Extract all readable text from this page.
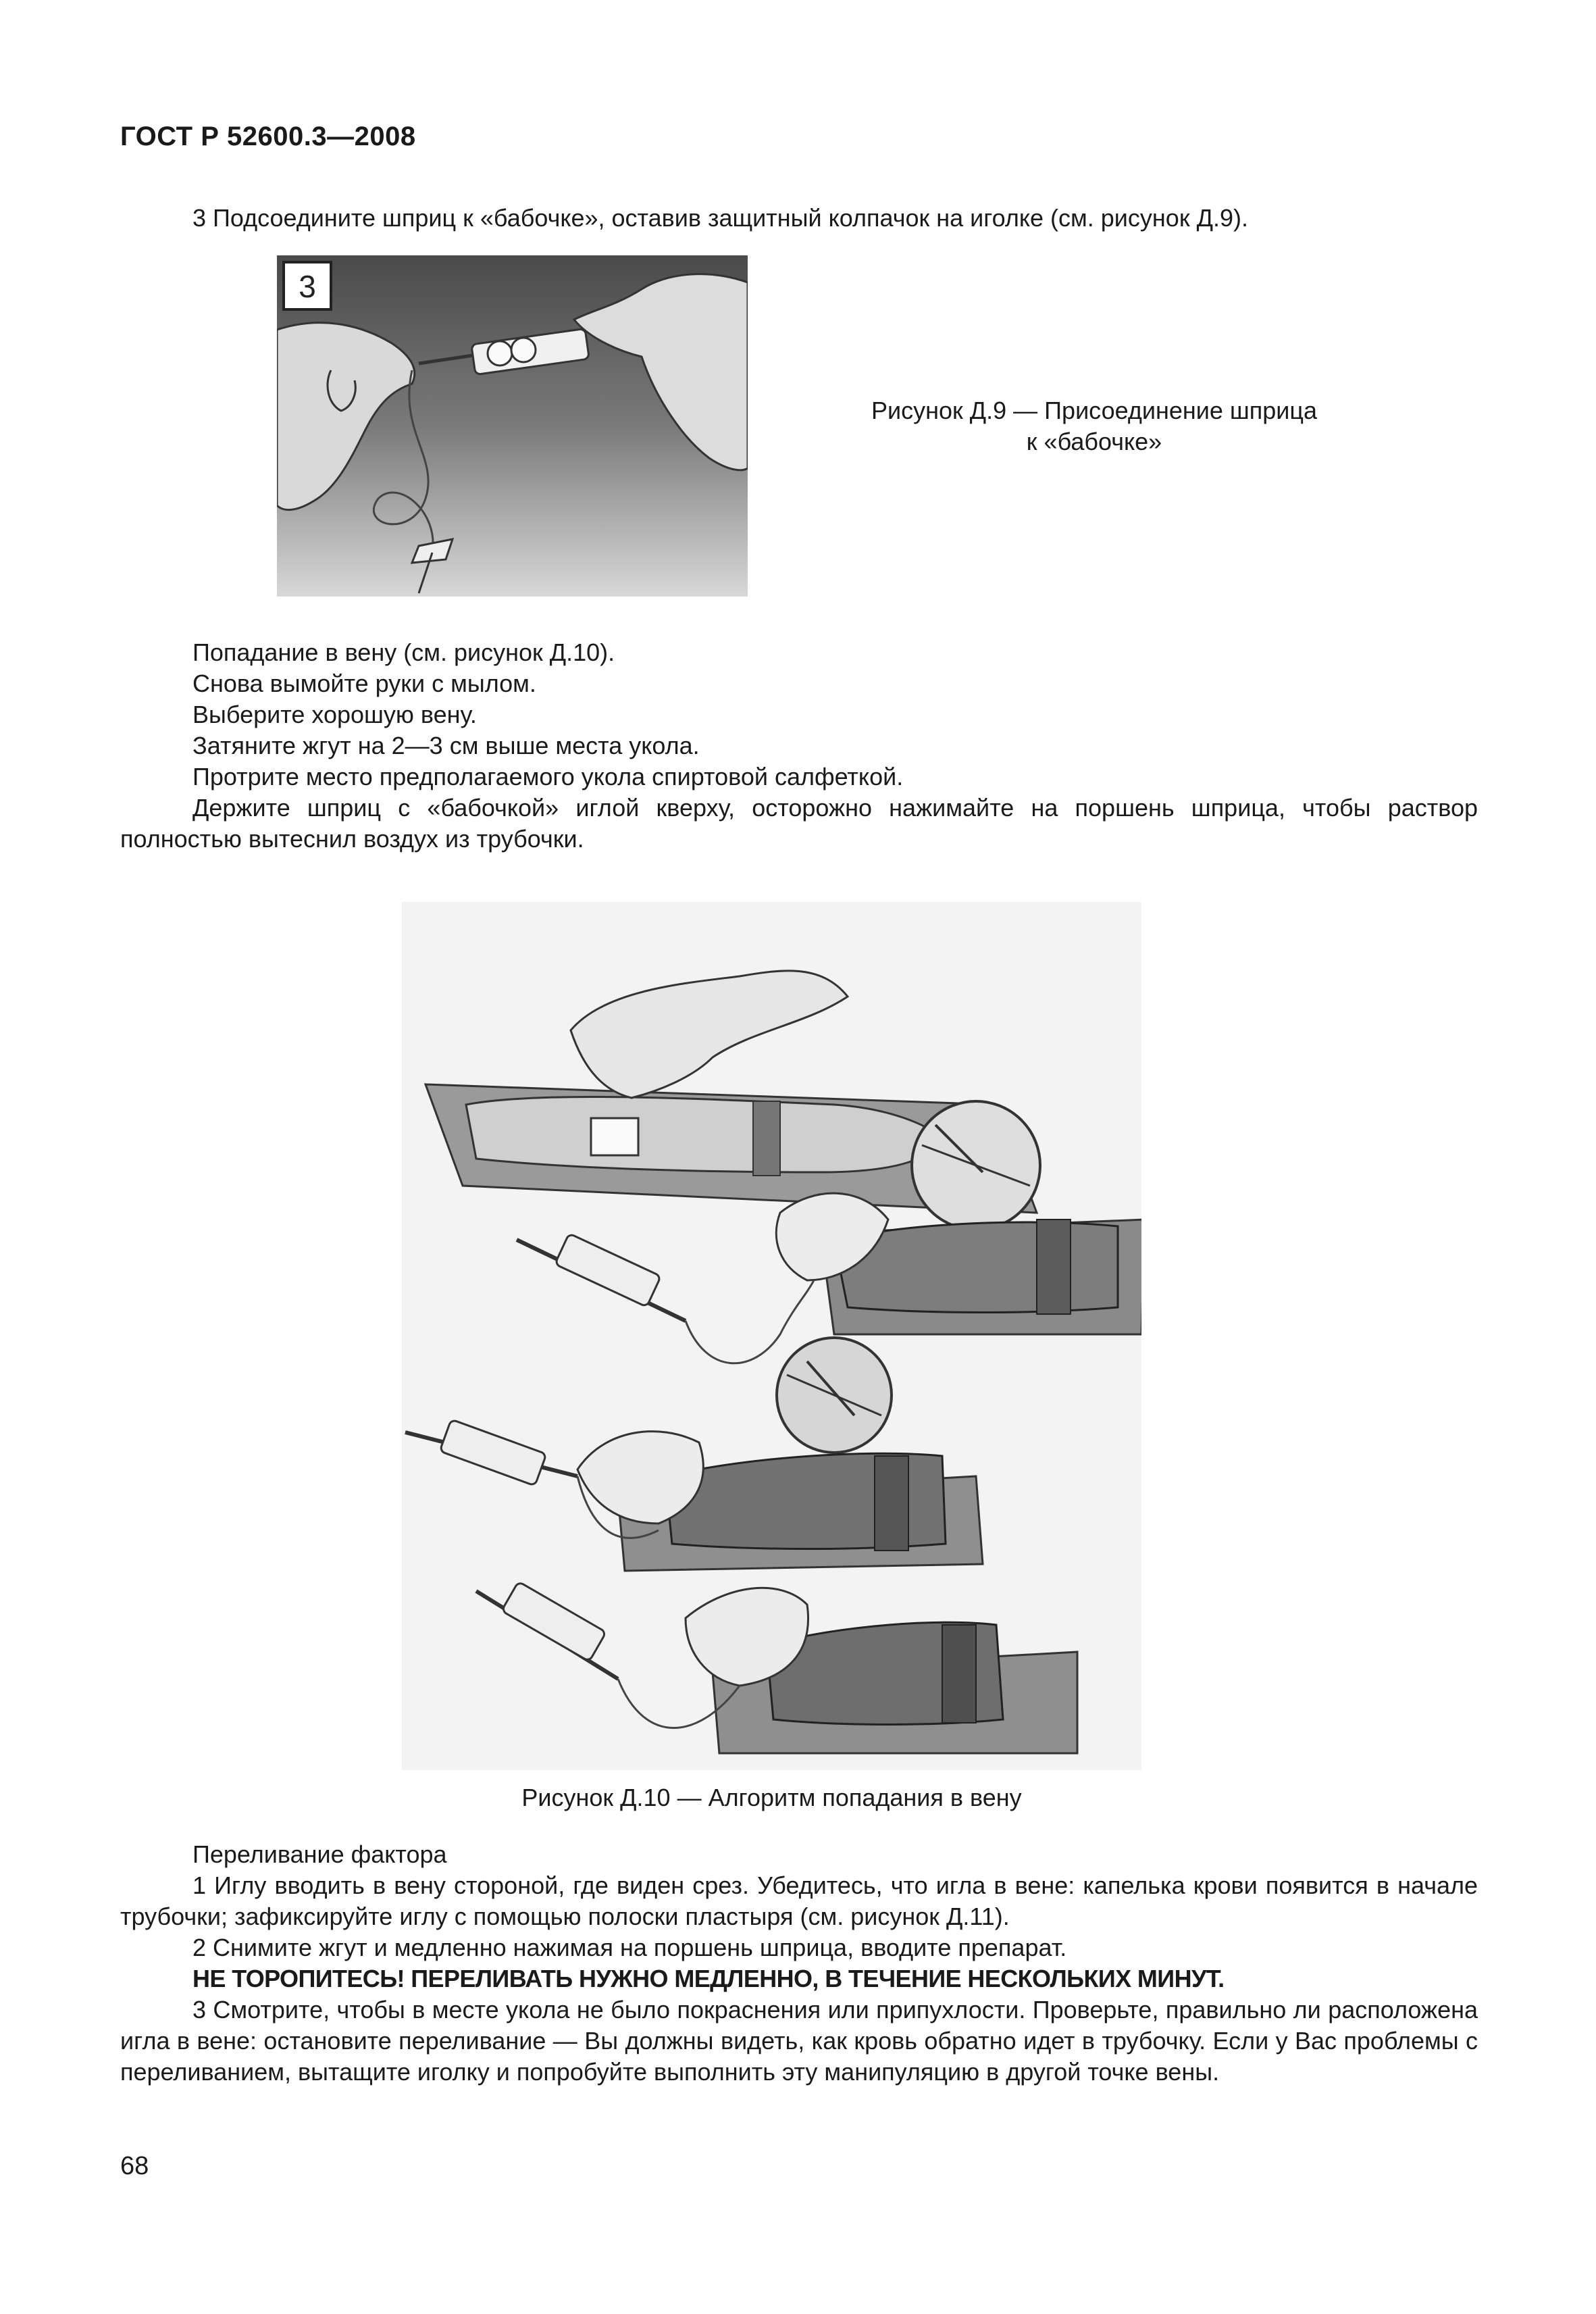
ГОСТ Р 52600.3—2008
3 Подсоедините шприц к «бабочке», оставив защитный колпачок на иголке (см. рисунок Д.9).
3
Рисунок Д.9 — Присоединение шприца
к «бабочке»
Попадание в вену (см. рисунок Д.10).
Снова вымойте руки с мылом.
Выберите хорошую вену.
Затяните жгут на 2—3 см выше места укола.
Протрите место предполагаемого укола спиртовой салфеткой.
Держите шприц с «бабочкой» иглой кверху, осторожно нажимайте на поршень шприца, чтобы раствор полностью вытеснил воздух из трубочки.
Рисунок Д.10 — Алгоритм попадания в вену
Переливание фактора
1 Иглу вводить в вену стороной, где виден срез. Убедитесь, что игла в вене: капелька крови появится в начале трубочки; зафиксируйте иглу с помощью полоски пластыря (см. рисунок Д.11).
2 Снимите жгут и медленно нажимая на поршень шприца, вводите препарат.
НЕ ТОРОПИТЕСЬ! ПЕРЕЛИВАТЬ НУЖНО МЕДЛЕННО, В ТЕЧЕНИЕ НЕСКОЛЬКИХ МИНУТ.
3 Смотрите, чтобы в месте укола не было покраснения или припухлости. Проверьте, правильно ли расположена игла в вене: остановите переливание — Вы должны видеть, как кровь обратно идет в трубочку. Если у Вас проблемы с переливанием, вытащите иголку и попробуйте выполнить эту манипуляцию в другой точке вены.
68
